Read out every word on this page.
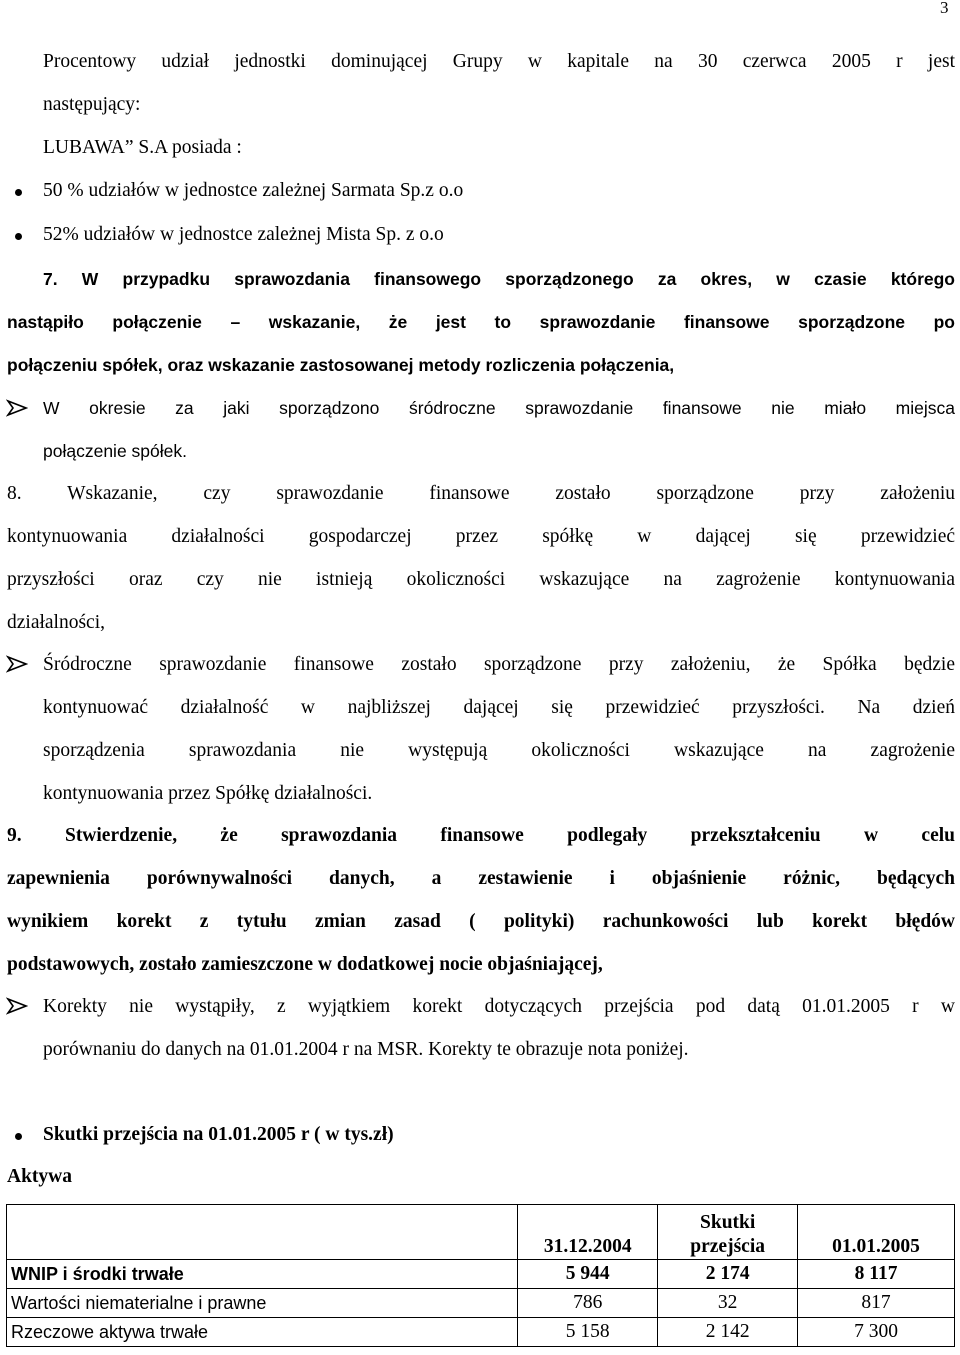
3
Procentowy udział jednostki dominującej Grupy w kapitale na 30 czerwca 2005 r jest
następujący:
LUBAWA” S.A posiada :
50 % udziałów w jednostce zależnej Sarmata Sp.z o.o
52% udziałów w jednostce zależnej Mista Sp. z o.o
7. W przypadku sprawozdania finansowego sporządzonego za okres, w czasie którego
nastąpiło połączenie – wskazanie, że jest to sprawozdanie finansowe sporządzone po
połączeniu spółek, oraz wskazanie zastosowanej metody rozliczenia połączenia,
W okresie za jaki sporządzono śródroczne sprawozdanie finansowe nie miało miejsca
połączenie spółek.
8. Wskazanie, czy sprawozdanie finansowe zostało sporządzone przy założeniu
kontynuowania działalności gospodarczej przez spółkę w dającej się przewidzieć
przyszłości oraz czy nie istnieją okoliczności wskazujące na zagrożenie kontynuowania
działalności,
Śródroczne sprawozdanie finansowe zostało sporządzone przy założeniu, że Spółka będzie
kontynuować działalność w najbliższej dającej się przewidzieć przyszłości. Na dzień
sporządzenia sprawozdania nie występują okoliczności wskazujące na zagrożenie
kontynuowania przez Spółkę działalności.
9. Stwierdzenie, że sprawozdania finansowe podlegały przekształceniu w celu
zapewnienia porównywalności danych, a zestawienie i objaśnienie różnic, będących
wynikiem korekt z tytułu zmian zasad ( polityki) rachunkowości lub korekt błędów
podstawowych, zostało zamieszczone w dodatkowej nocie objaśniającej,
Korekty nie wystąpiły, z wyjątkiem korekt dotyczących przejścia pod datą 01.01.2005 r w
porównaniu do danych na 01.01.2004 r na MSR. Korekty te obrazuje nota poniżej.
Skutki przejścia na 01.01.2005 r ( w tys.zł)
Aktywa
	31.12.2004	Skutki przejścia	01.01.2005
WNIP i środki trwałe	5 944	2 174	8 117
Wartości niematerialne i prawne	786	32	817
Rzeczowe aktywa trwałe	5 158	2 142	7 300
